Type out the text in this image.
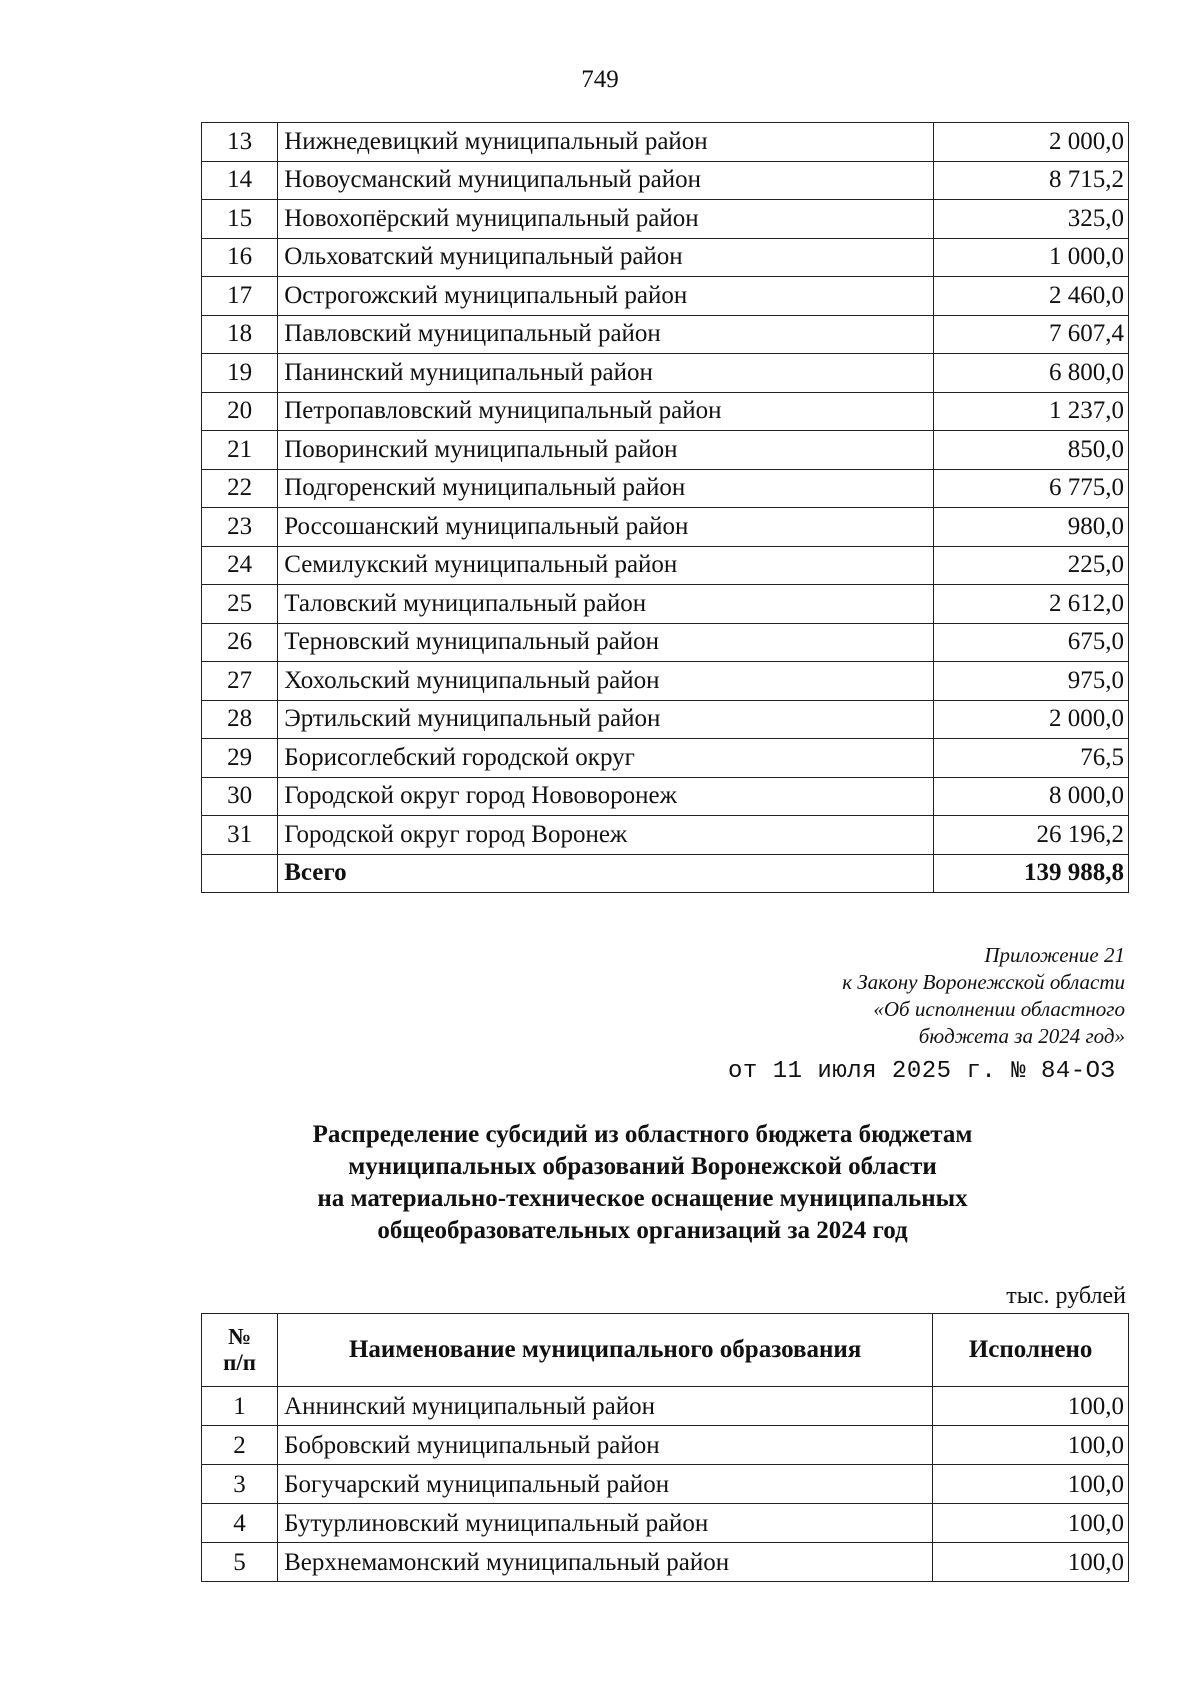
749
13	Нижнедевицкий муниципальный район	2 000,0
14	Новоусманский муниципальный район	8 715,2
15	Новохопёрский муниципальный район	325,0
16	Ольховатский муниципальный район	1 000,0
17	Острогожский муниципальный район	2 460,0
18	Павловский муниципальный район	7 607,4
19	Панинский муниципальный район	6 800,0
20	Петропавловский муниципальный район	1 237,0
21	Поворинский муниципальный район	850,0
22	Подгоренский муниципальный район	6 775,0
23	Россошанский муниципальный район	980,0
24	Семилукский муниципальный район	225,0
25	Таловский муниципальный район	2 612,0
26	Терновский муниципальный район	675,0
27	Хохольский муниципальный район	975,0
28	Эртильский муниципальный район	2 000,0
29	Борисоглебский городской округ	76,5
30	Городской округ город Нововоронеж	8 000,0
31	Городской округ город Воронеж	26 196,2
	Всего	139 988,8
Приложение 21
к Закону Воронежской области
«Об исполнении областного
бюджета за 2024 год»
от 11 июля 2025 г. № 84-ОЗ
Распределение субсидий из областного бюджета бюджетам
муниципальных образований Воронежской области
на материально-техническое оснащение муниципальных
общеобразовательных организаций за 2024 год
тыс. рублей
№
п/п	Наименование муниципального образования	Исполнено
1	Аннинский муниципальный район	100,0
2	Бобровский муниципальный район	100,0
3	Богучарский муниципальный район	100,0
4	Бутурлиновский муниципальный район	100,0
5	Верхнемамонский муниципальный район	100,0
